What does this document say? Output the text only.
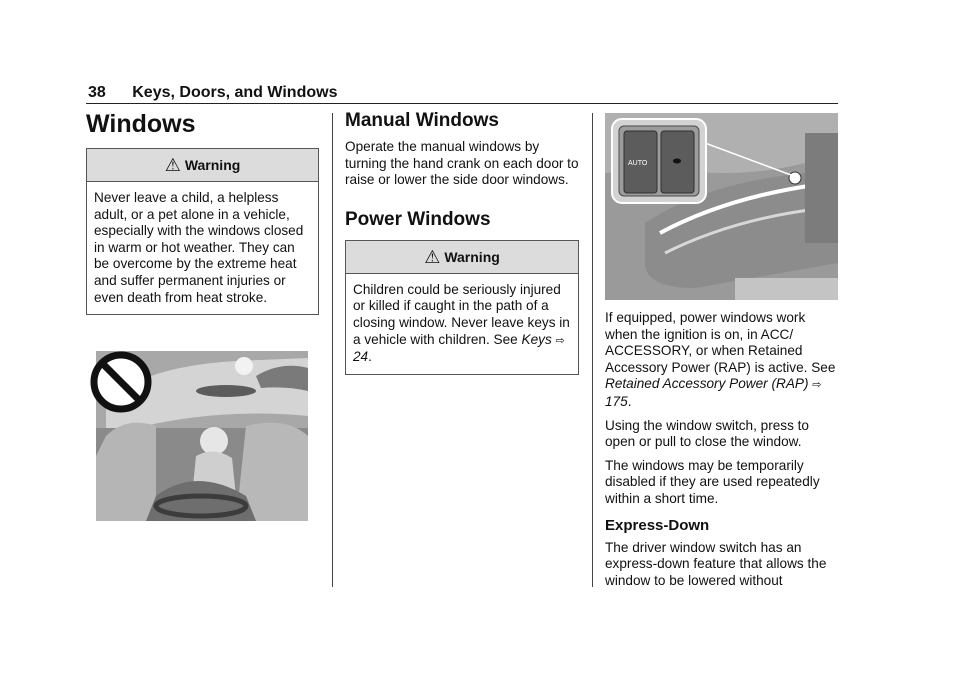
38 Keys, Doors, and Windows
Windows
⚠ Warning

Never leave a child, a helpless adult, or a pet alone in a vehicle, especially with the windows closed in warm or hot weather. They can be overcome by the extreme heat and suffer permanent injuries or even death from heat stroke.

Manual Windows

Operate the manual windows by turning the hand crank on each door to raise or lower the side door windows.

Power Windows
⚠ Warning

Children could be seriously injured or killed if caught in the path of a closing window. Never leave keys in a vehicle with children. See Keys ⇨ 24.

AUTO

If equipped, power windows work when the ignition is on, in ACC/ ACCESSORY, or when Retained Accessory Power (RAP) is active. See Retained Accessory Power (RAP) ⇨ 175.

Using the window switch, press to open or pull to close the window.

The windows may be temporarily disabled if they are used repeatedly within a short time.

Express-Down

The driver window switch has an express-down feature that allows the window to be lowered without
